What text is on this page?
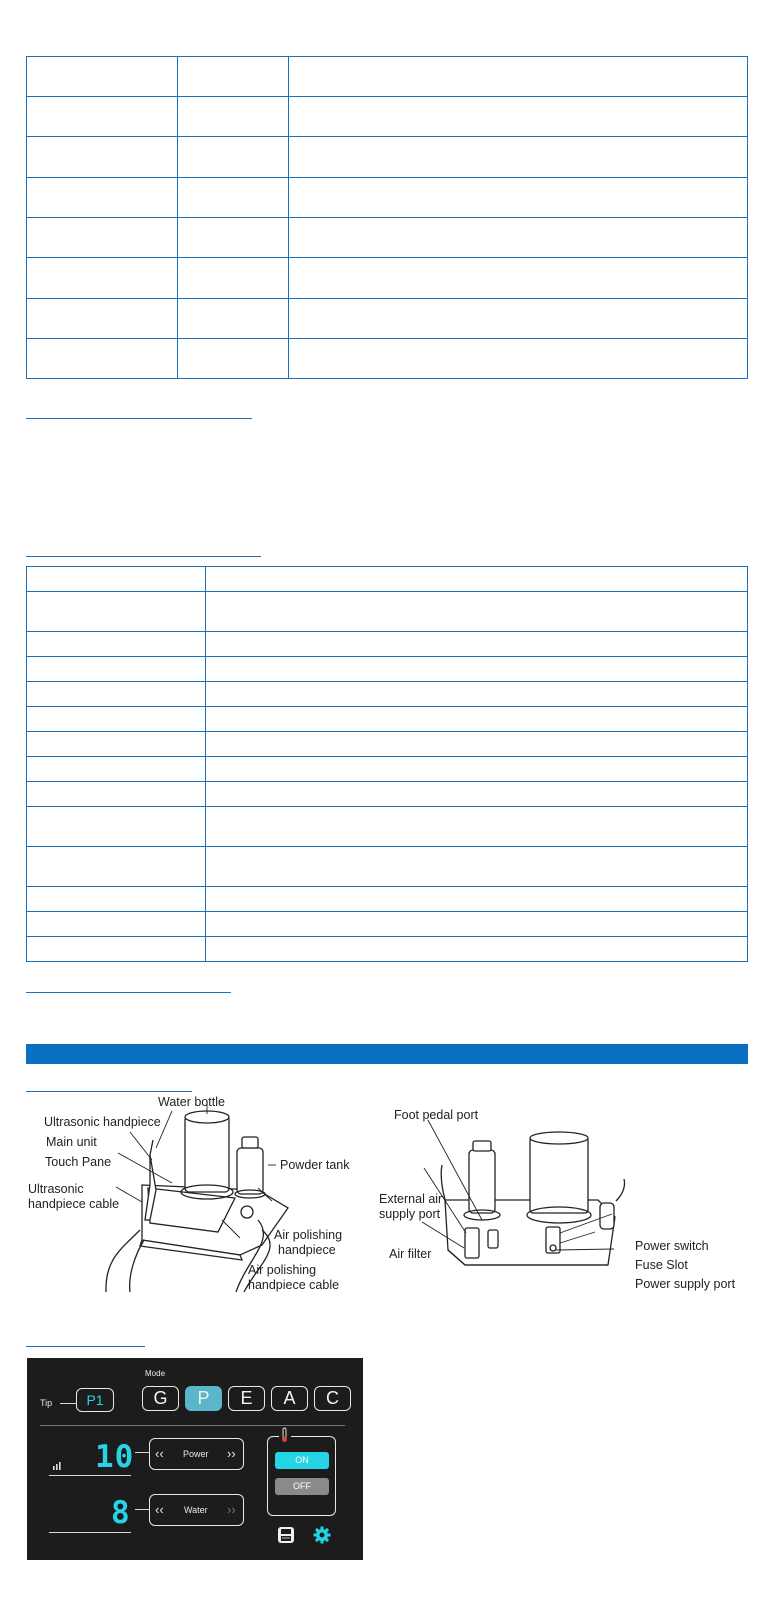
Water bottle
Ultrasonic handpiece
Main unit
Touch Pane
Ultrasonic
handpiece cable
Powder tank
Air polishing
handpiece
Air polishing
handpiece cable
Foot pedal port
External air
supply port
Air filter
Power switch
Fuse Slot
Power supply port
Tip	P1
Mode
G	P	E	A	C
10 ‹‹ Power ››
8 ‹‹ Water ››
ON
OFF
